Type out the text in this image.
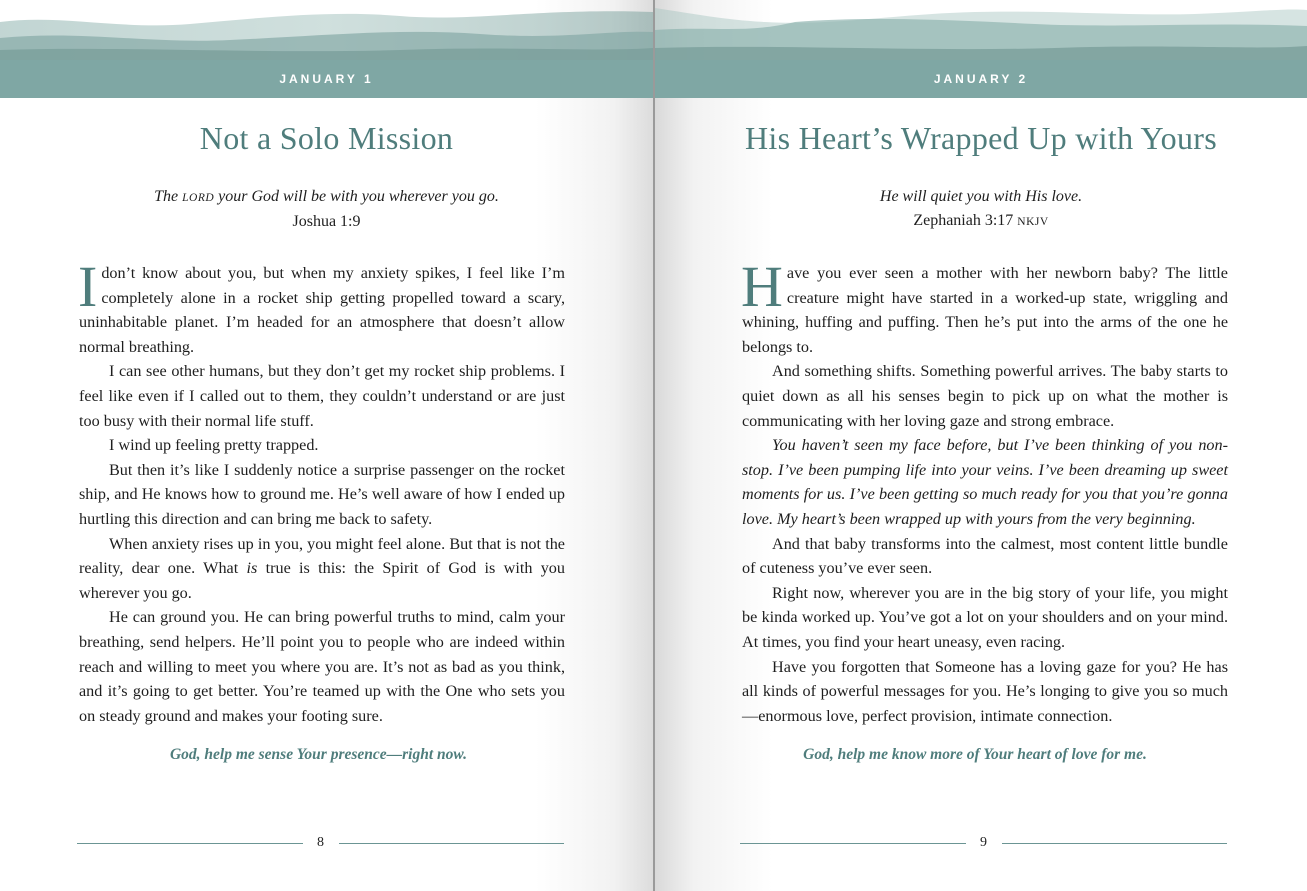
JANUARY 1
Not a Solo Mission
The LORD your God will be with you wherever you go.
Joshua 1:9

Idon’t know about you, but when my anxiety spikes, I feel like I’m completely alone in a rocket ship getting propelled toward a scary, uninhabitable planet. I’m headed for an atmosphere that doesn’t allow normal breathing.

I can see other humans, but they don’t get my rocket ship problems. I feel like even if I called out to them, they couldn’t understand or are just too busy with their normal life stuff.

I wind up feeling pretty trapped.

But then it’s like I suddenly notice a surprise passenger on the rocket ship, and He knows how to ground me. He’s well aware of how I ended up hurtling this direction and can bring me back to safety.

When anxiety rises up in you, you might feel alone. But that is not the reality, dear one. What is true is this: the Spirit of God is with you wherever you go.

He can ground you. He can bring powerful truths to mind, calm your breathing, send helpers. He’ll point you to people who are indeed within reach and willing to meet you where you are. It’s not as bad as you think, and it’s going to get better. You’re teamed up with the One who sets you on steady ground and makes your footing sure.

God, help me sense Your presence—right now.
8
JANUARY 2
His Heart’s Wrapped Up with Yours
He will quiet you with His love.
Zephaniah 3:17 NKJV

Have you ever seen a mother with her newborn baby? The little creature might have started in a worked-up state, wriggling and whining, huffing and puffing. Then he’s put into the arms of the one he belongs to.

And something shifts. Something powerful arrives. The baby starts to quiet down as all his senses begin to pick up on what the mother is communicating with her loving gaze and strong embrace.

You haven’t seen my face before, but I’ve been thinking of you non-stop. I’ve been pumping life into your veins. I’ve been dreaming up sweet moments for us. I’ve been getting so much ready for you that you’re gonna love. My heart’s been wrapped up with yours from the very beginning.

And that baby transforms into the calmest, most content little bundle of cuteness you’ve ever seen.

Right now, wherever you are in the big story of your life, you might be kinda worked up. You’ve got a lot on your shoulders and on your mind. At times, you find your heart uneasy, even racing.

Have you forgotten that Someone has a loving gaze for you? He has all kinds of powerful messages for you. He’s longing to give you so much—enormous love, perfect provision, intimate connection.

God, help me know more of Your heart of love for me.
9
